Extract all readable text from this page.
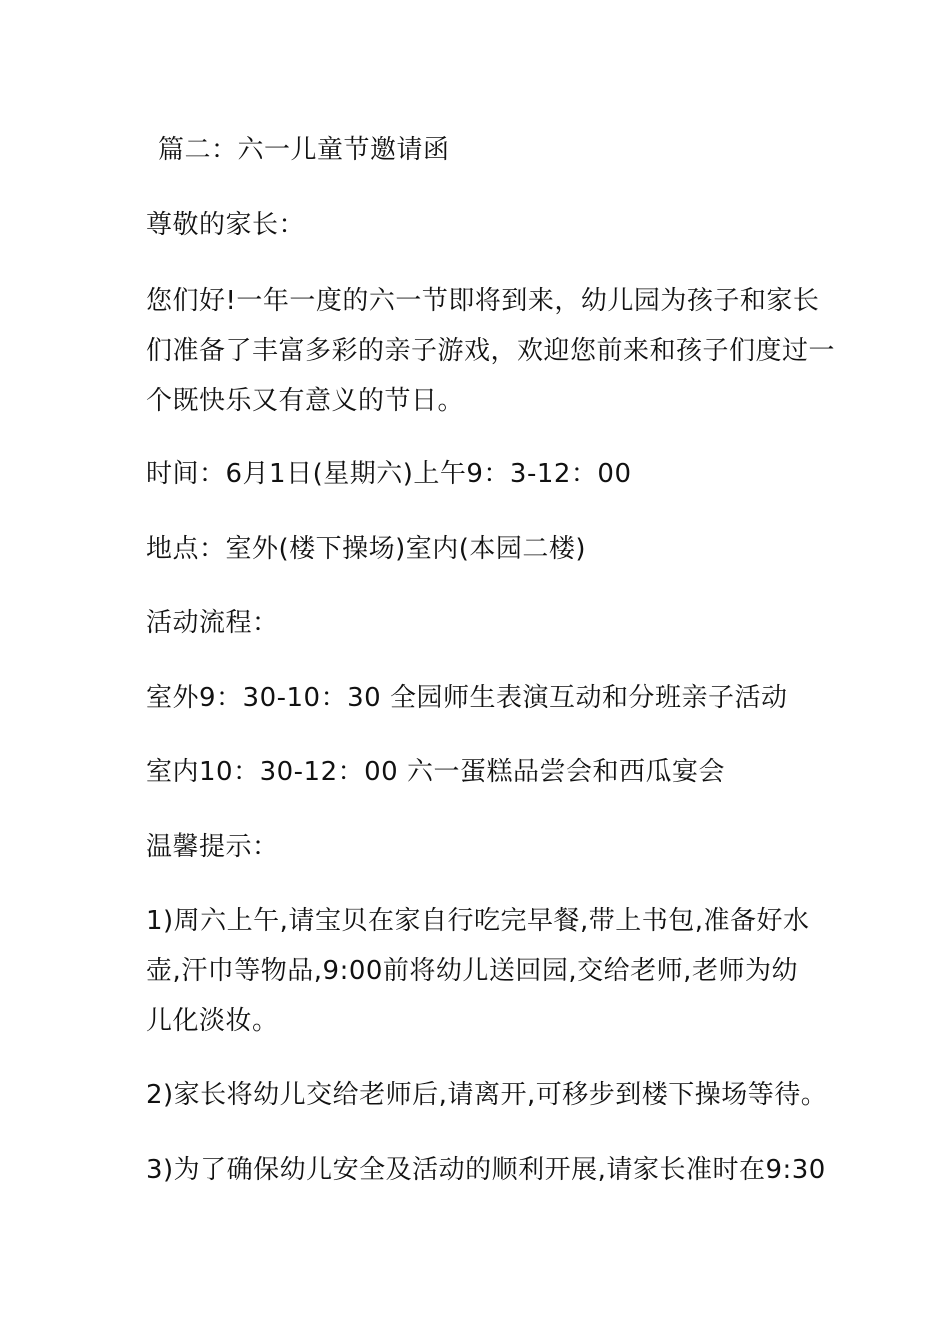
篇二：六一儿童节邀请函
尊敬的家长：
您们好!一年一度的六一节即将到来，幼儿园为孩子和家长
们准备了丰富多彩的亲子游戏，欢迎您前来和孩子们度过一
个既快乐又有意义的节日。
时间：6月1日(星期六)上午9：3-12：00
地点：室外(楼下操场)室内(本园二楼)
活动流程：
室外9：30-10：30 全园师生表演互动和分班亲子活动
室内10：30-12：00 六一蛋糕品尝会和西瓜宴会
温馨提示：
1)周六上午,请宝贝在家自行吃完早餐,带上书包,准备好水
壶,汗巾等物品,9:00前将幼儿送回园,交给老师,老师为幼
儿化淡妆。
2)家长将幼儿交给老师后,请离开,可移步到楼下操场等待。
3)为了确保幼儿安全及活动的顺利开展,请家长准时在9:30
